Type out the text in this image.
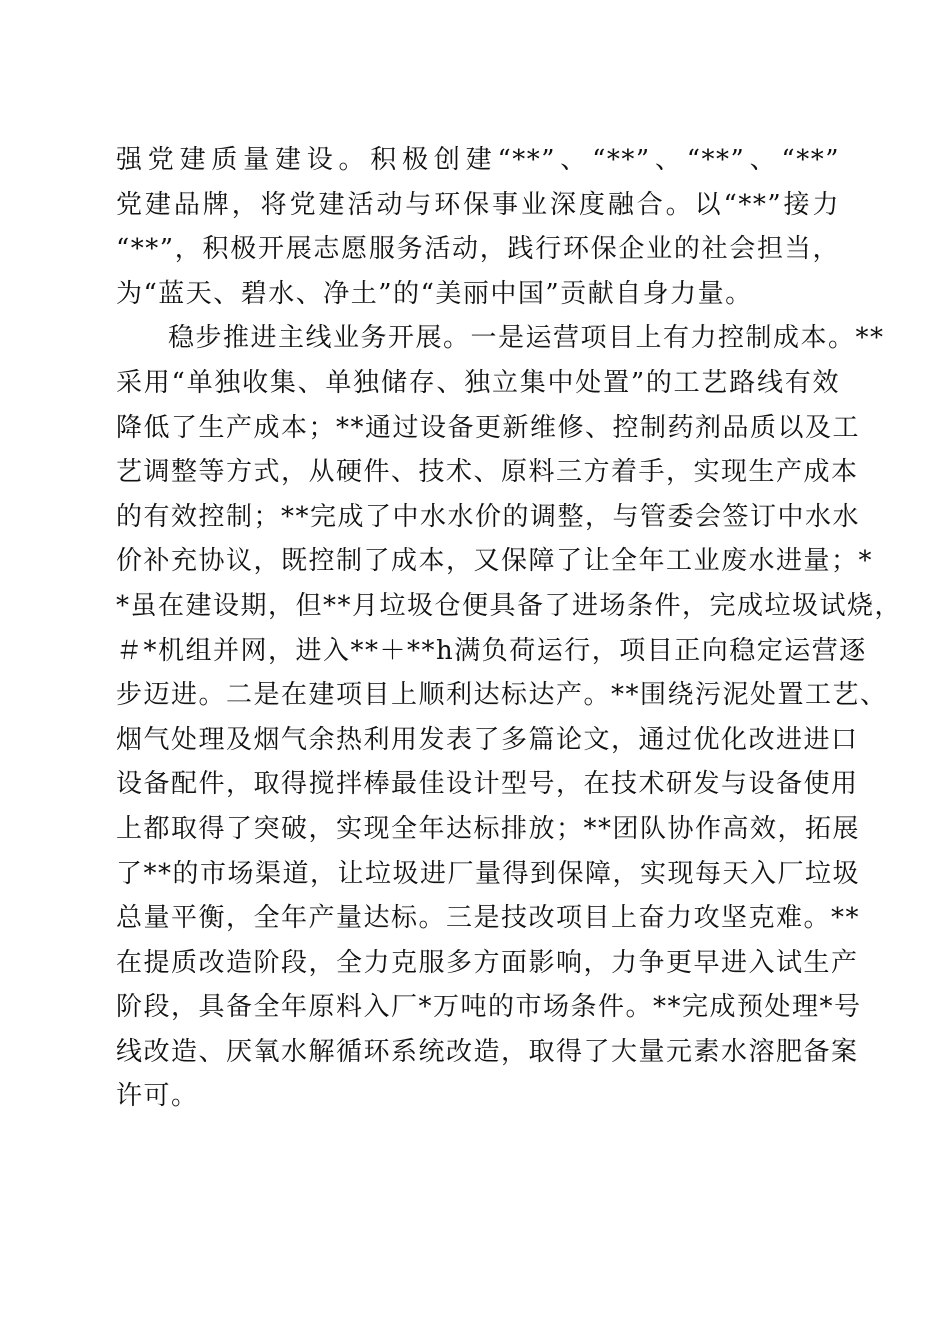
强党建质量建设。积极创建“**”、“**”、“**”、“**”
党建品牌，将党建活动与环保事业深度融合。以“**”接力
“**”，积极开展志愿服务活动，践行环保企业的社会担当，
为“蓝天、碧水、净土”的“美丽中国”贡献自身力量。
稳步推进主线业务开展。一是运营项目上有力控制成本。**
采用“单独收集、单独储存、独立集中处置”的工艺路线有效
降低了生产成本；**通过设备更新维修、控制药剂品质以及工
艺调整等方式，从硬件、技术、原料三方着手，实现生产成本
的有效控制；**完成了中水水价的调整，与管委会签订中水水
价补充协议，既控制了成本，又保障了让全年工业废水进量；*
*虽在建设期，但**月垃圾仓便具备了进场条件，完成垃圾试烧，
＃*机组并网，进入**＋**h满负荷运行，项目正向稳定运营逐
步迈进。二是在建项目上顺利达标达产。**围绕污泥处置工艺、
烟气处理及烟气余热利用发表了多篇论文，通过优化改进进口
设备配件，取得搅拌棒最佳设计型号，在技术研发与设备使用
上都取得了突破，实现全年达标排放；**团队协作高效，拓展
了**的市场渠道，让垃圾进厂量得到保障，实现每天入厂垃圾
总量平衡，全年产量达标。三是技改项目上奋力攻坚克难。**
在提质改造阶段，全力克服多方面影响，力争更早进入试生产
阶段，具备全年原料入厂*万吨的市场条件。**完成预处理*号
线改造、厌氧水解循环系统改造，取得了大量元素水溶肥备案
许可。
